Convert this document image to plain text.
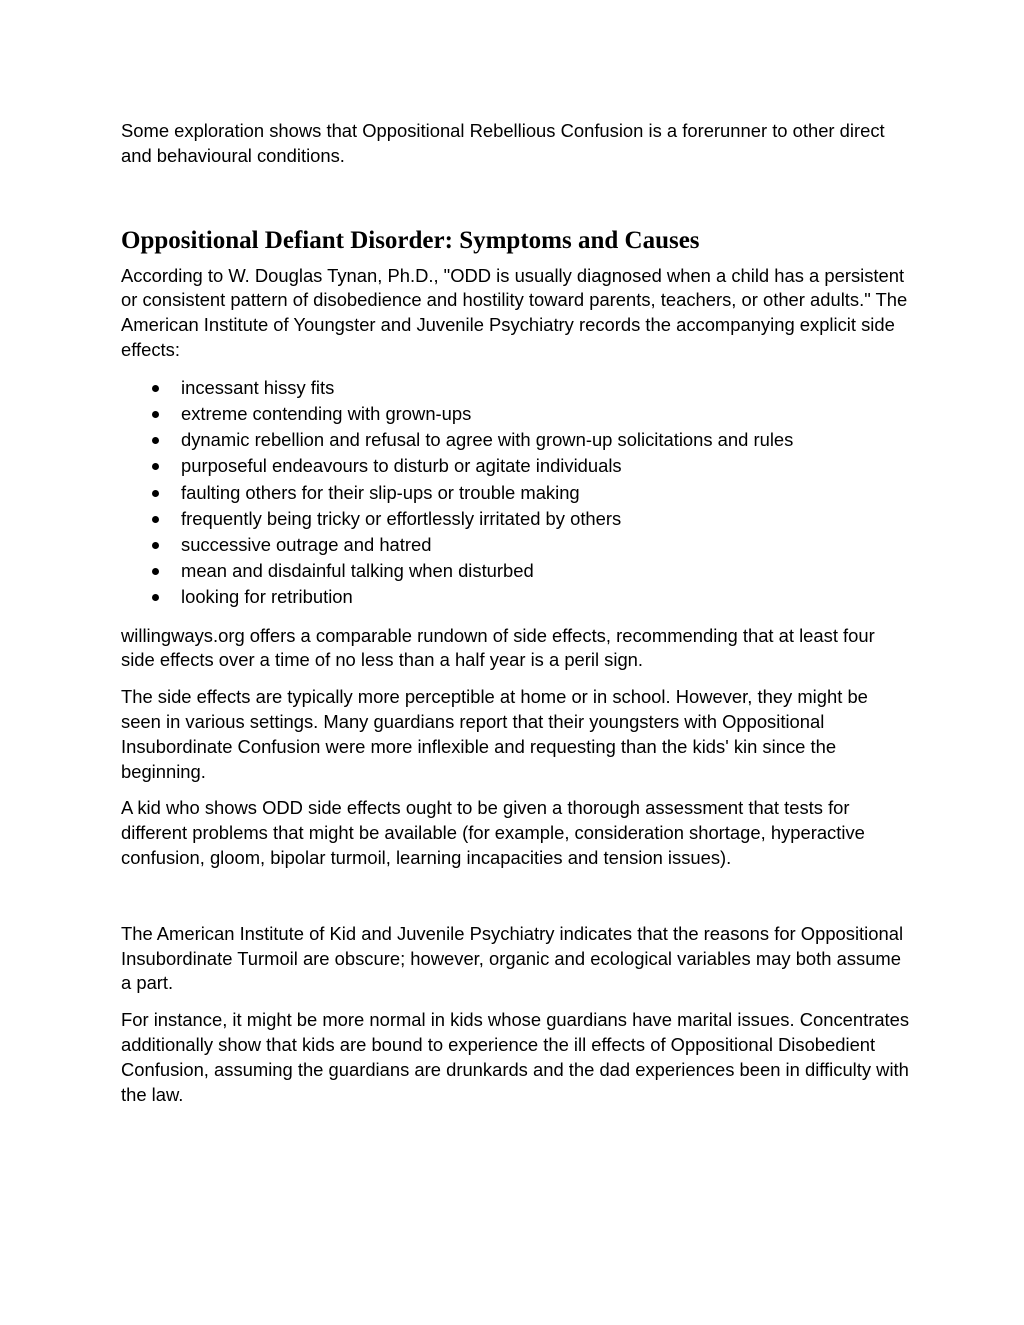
Some exploration shows that Oppositional Rebellious Confusion is a forerunner to other direct and behavioural conditions.

Oppositional Defiant Disorder: Symptoms and Causes

According to W. Douglas Tynan, Ph.D., "ODD is usually diagnosed when a child has a persistent or consistent pattern of disobedience and hostility toward parents, teachers, or other adults." The American Institute of Youngster and Juvenile Psychiatry records the accompanying explicit side effects:

incessant hissy fits
extreme contending with grown-ups
dynamic rebellion and refusal to agree with grown-up solicitations and rules
purposeful endeavours to disturb or agitate individuals
faulting others for their slip-ups or trouble making
frequently being tricky or effortlessly irritated by others
successive outrage and hatred
mean and disdainful talking when disturbed
looking for retribution

willingways.org offers a comparable rundown of side effects, recommending that at least four side effects over a time of no less than a half year is a peril sign.

The side effects are typically more perceptible at home or in school. However, they might be seen in various settings. Many guardians report that their youngsters with Oppositional Insubordinate Confusion were more inflexible and requesting than the kids' kin since the beginning.

A kid who shows ODD side effects ought to be given a thorough assessment that tests for different problems that might be available (for example, consideration shortage, hyperactive confusion, gloom, bipolar turmoil, learning incapacities and tension issues).

The American Institute of Kid and Juvenile Psychiatry indicates that the reasons for Oppositional Insubordinate Turmoil are obscure; however, organic and ecological variables may both assume a part.

For instance, it might be more normal in kids whose guardians have marital issues. Concentrates additionally show that kids are bound to experience the ill effects of Oppositional Disobedient Confusion, assuming the guardians are drunkards and the dad experiences been in difficulty with the law.
